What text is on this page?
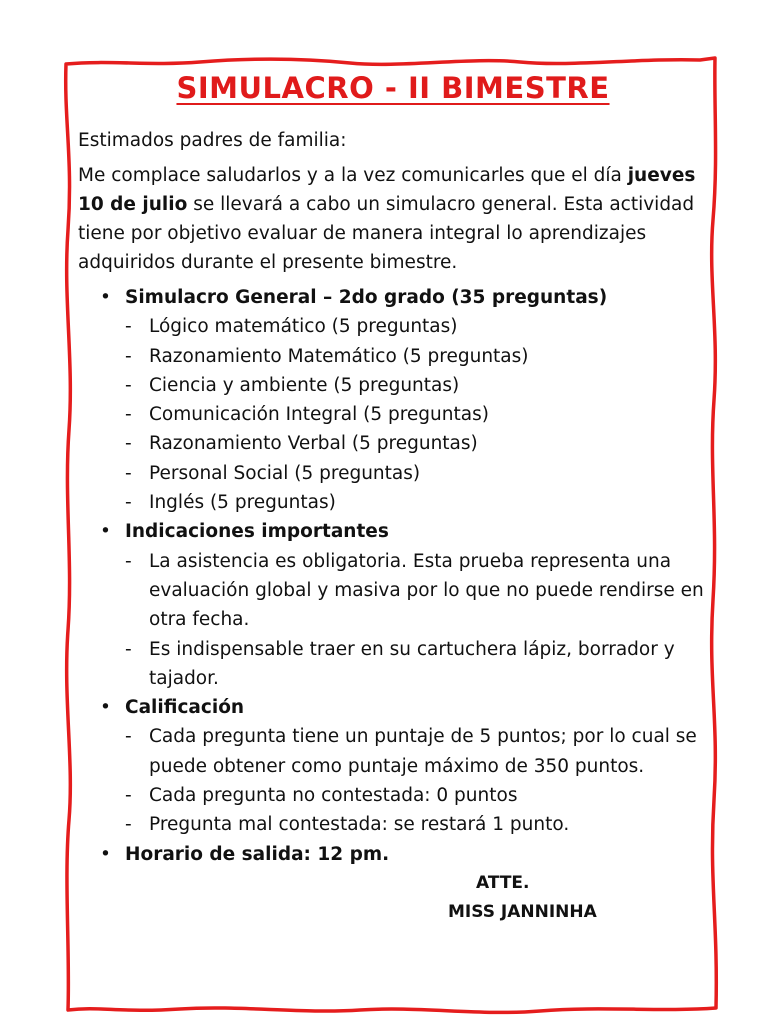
SIMULACRO - II BIMESTRE

Estimados padres de familia:

Me complace saludarlos y a la vez comunicarles que el día jueves 10 de julio se llevará a cabo un simulacro general. Esta actividad tiene por objetivo evaluar de manera integral lo aprendizajes adquiridos durante el presente bimestre.

• Simulacro General – 2do grado (35 preguntas)
- Lógico matemático (5 preguntas)
- Razonamiento Matemático (5 preguntas)
- Ciencia y ambiente (5 preguntas)
- Comunicación Integral (5 preguntas)
- Razonamiento Verbal (5 preguntas)
- Personal Social (5 preguntas)
- Inglés (5 preguntas)
• Indicaciones importantes
- La asistencia es obligatoria. Esta prueba representa una evaluación global y masiva por lo que no puede rendirse en otra fecha.
- Es indispensable traer en su cartuchera lápiz, borrador y tajador.
• Calificación
- Cada pregunta tiene un puntaje de 5 puntos; por lo cual se puede obtener como puntaje máximo de 350 puntos.
- Cada pregunta no contestada: 0 puntos
- Pregunta mal contestada: se restará 1 punto.
• Horario de salida: 12 pm.
ATTE.
MISS JANNINHA
